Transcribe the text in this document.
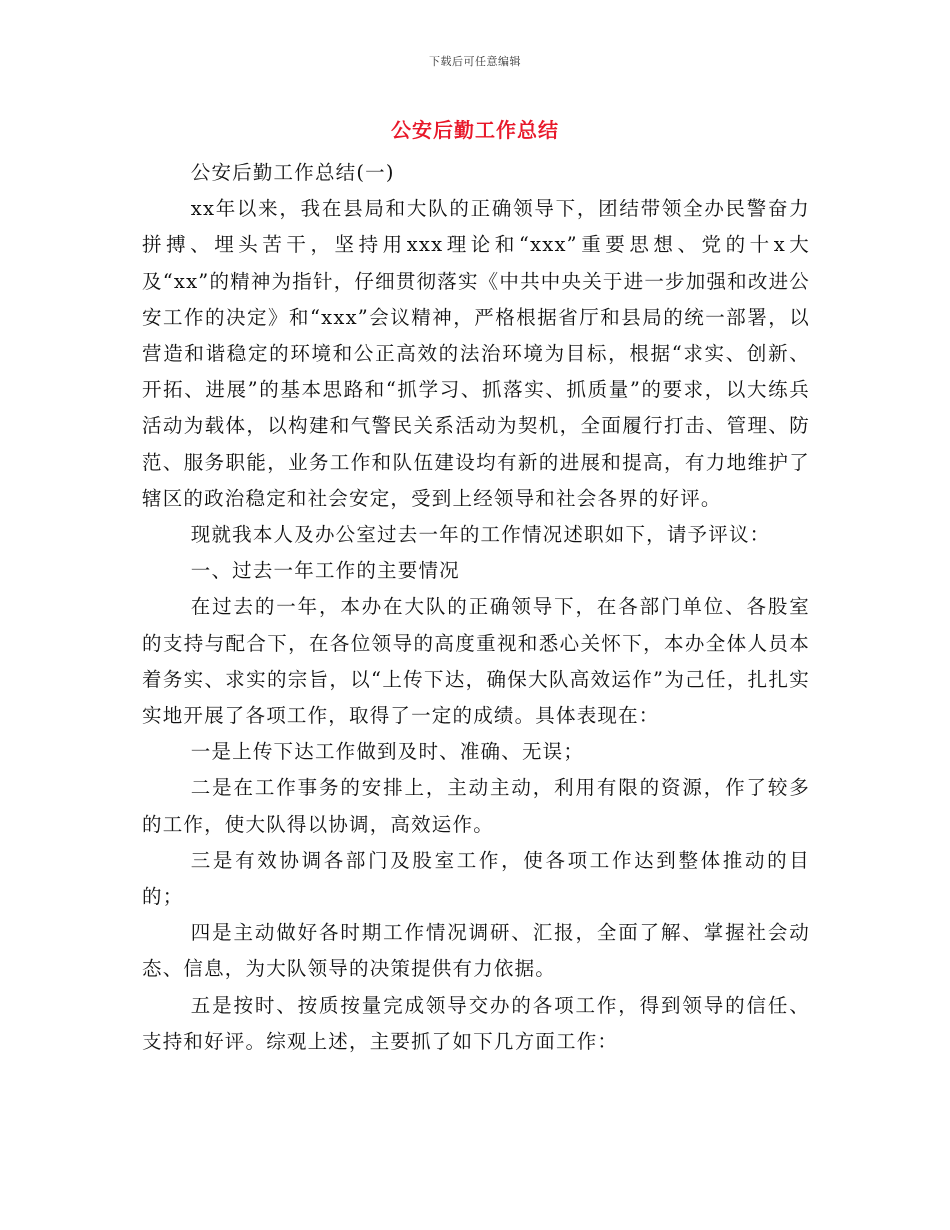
下载后可任意编辑
公安后勤工作总结

公安后勤工作总结(一)

xx年以来，我在县局和大队的正确领导下，团结带领全办民警奋力拼搏、埋头苦干，坚持用xxx理论和“xxx”重要思想、党的十x大及“xx”的精神为指针，仔细贯彻落实《中共中央关于进一步加强和改进公安工作的决定》和“xxx”会议精神，严格根据省厅和县局的统一部署，以营造和谐稳定的环境和公正高效的法治环境为目标，根据“求实、创新、开拓、进展”的基本思路和“抓学习、抓落实、抓质量”的要求，以大练兵活动为载体，以构建和气警民关系活动为契机，全面履行打击、管理、防范、服务职能，业务工作和队伍建设均有新的进展和提高，有力地维护了辖区的政治稳定和社会安定，受到上经领导和社会各界的好评。

现就我本人及办公室过去一年的工作情况述职如下，请予评议：

一、过去一年工作的主要情况

在过去的一年，本办在大队的正确领导下，在各部门单位、各股室的支持与配合下，在各位领导的高度重视和悉心关怀下，本办全体人员本着务实、求实的宗旨，以“上传下达，确保大队高效运作”为己任，扎扎实实地开展了各项工作，取得了一定的成绩。具体表现在：

一是上传下达工作做到及时、准确、无误；

二是在工作事务的安排上，主动主动，利用有限的资源，作了较多的工作，使大队得以协调，高效运作。

三是有效协调各部门及股室工作，使各项工作达到整体推动的目的；

四是主动做好各时期工作情况调研、汇报，全面了解、掌握社会动态、信息，为大队领导的决策提供有力依据。

五是按时、按质按量完成领导交办的各项工作，得到领导的信任、支持和好评。综观上述，主要抓了如下几方面工作：
